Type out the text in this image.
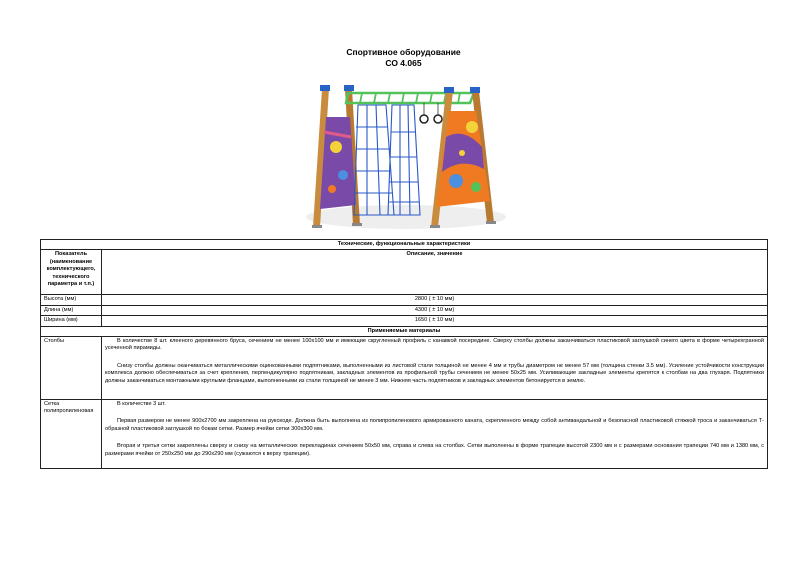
Спортивное оборудование
СО 4.065
Технические, функциональные характеристики	
Показатель (наименование комплектующего, технического параметра и т.п.)	Описание, значение
Высота (мм)	2800 ( ± 10 мм)
Длина (мм)	4300 ( ± 10 мм)
Ширина (мм)	1650 ( ± 10 мм)
Применяемые материалы	
Столбы	В количестве 8 шт. клееного деревянного бруса, сечением не менее 100х100 мм и имеющие скругленный профиль с канавкой посередине. Сверху столбы должны заканчиваться пластиковой заглушкой синего цвета в форме четырехгранной усеченной пирамиды.

Снизу столбы должны оканчиваться металлическими оцинкованными подпятниками, выполненными из листовой стали толщиной не менее 4 мм и трубы диаметром не менее 57 мм (толщина стенки 3.5 мм). Усиление устойчивости конструкции комплекса должно обеспечиваться за счет крепления, перпендикулярно подпятникам, закладных элементов из профильной трубы сечением не менее 50х25 мм. Усиливающие закладные элементы крепятся к столбам на два глухаря. Подпятники должны заканчиваться монтажными круглыми фланцами, выполненными из стали толщиной не менее 3 мм. Нижняя часть подпятников и закладных элементов бетонируется в землю.

Сетка полипропиленовая	В количестве 3 шт.

Первая размером не менее 900х2700 мм закреплена на рукоходе. Должна быть выполнена из полипропиленового армированного каната, скрепленного между собой антивандальной и безопасной пластиковой стяжкой троса и заканчиваться Т-образной пластиковой заглушкой по бокам сетки. Размер ячейки сетки 300х300 мм.

Вторая и третья сетки закреплены сверху и снизу на металлических перекладинах сечением 50х50 мм, справа и слева на столбах. Сетки выполнены в форме трапеции высотой 2300 мм и с размерами основания трапеции 740 мм и 1380 мм, с размерами ячейки от 250х250 мм до 290х290 мм (сужаются к верху трапеции).
